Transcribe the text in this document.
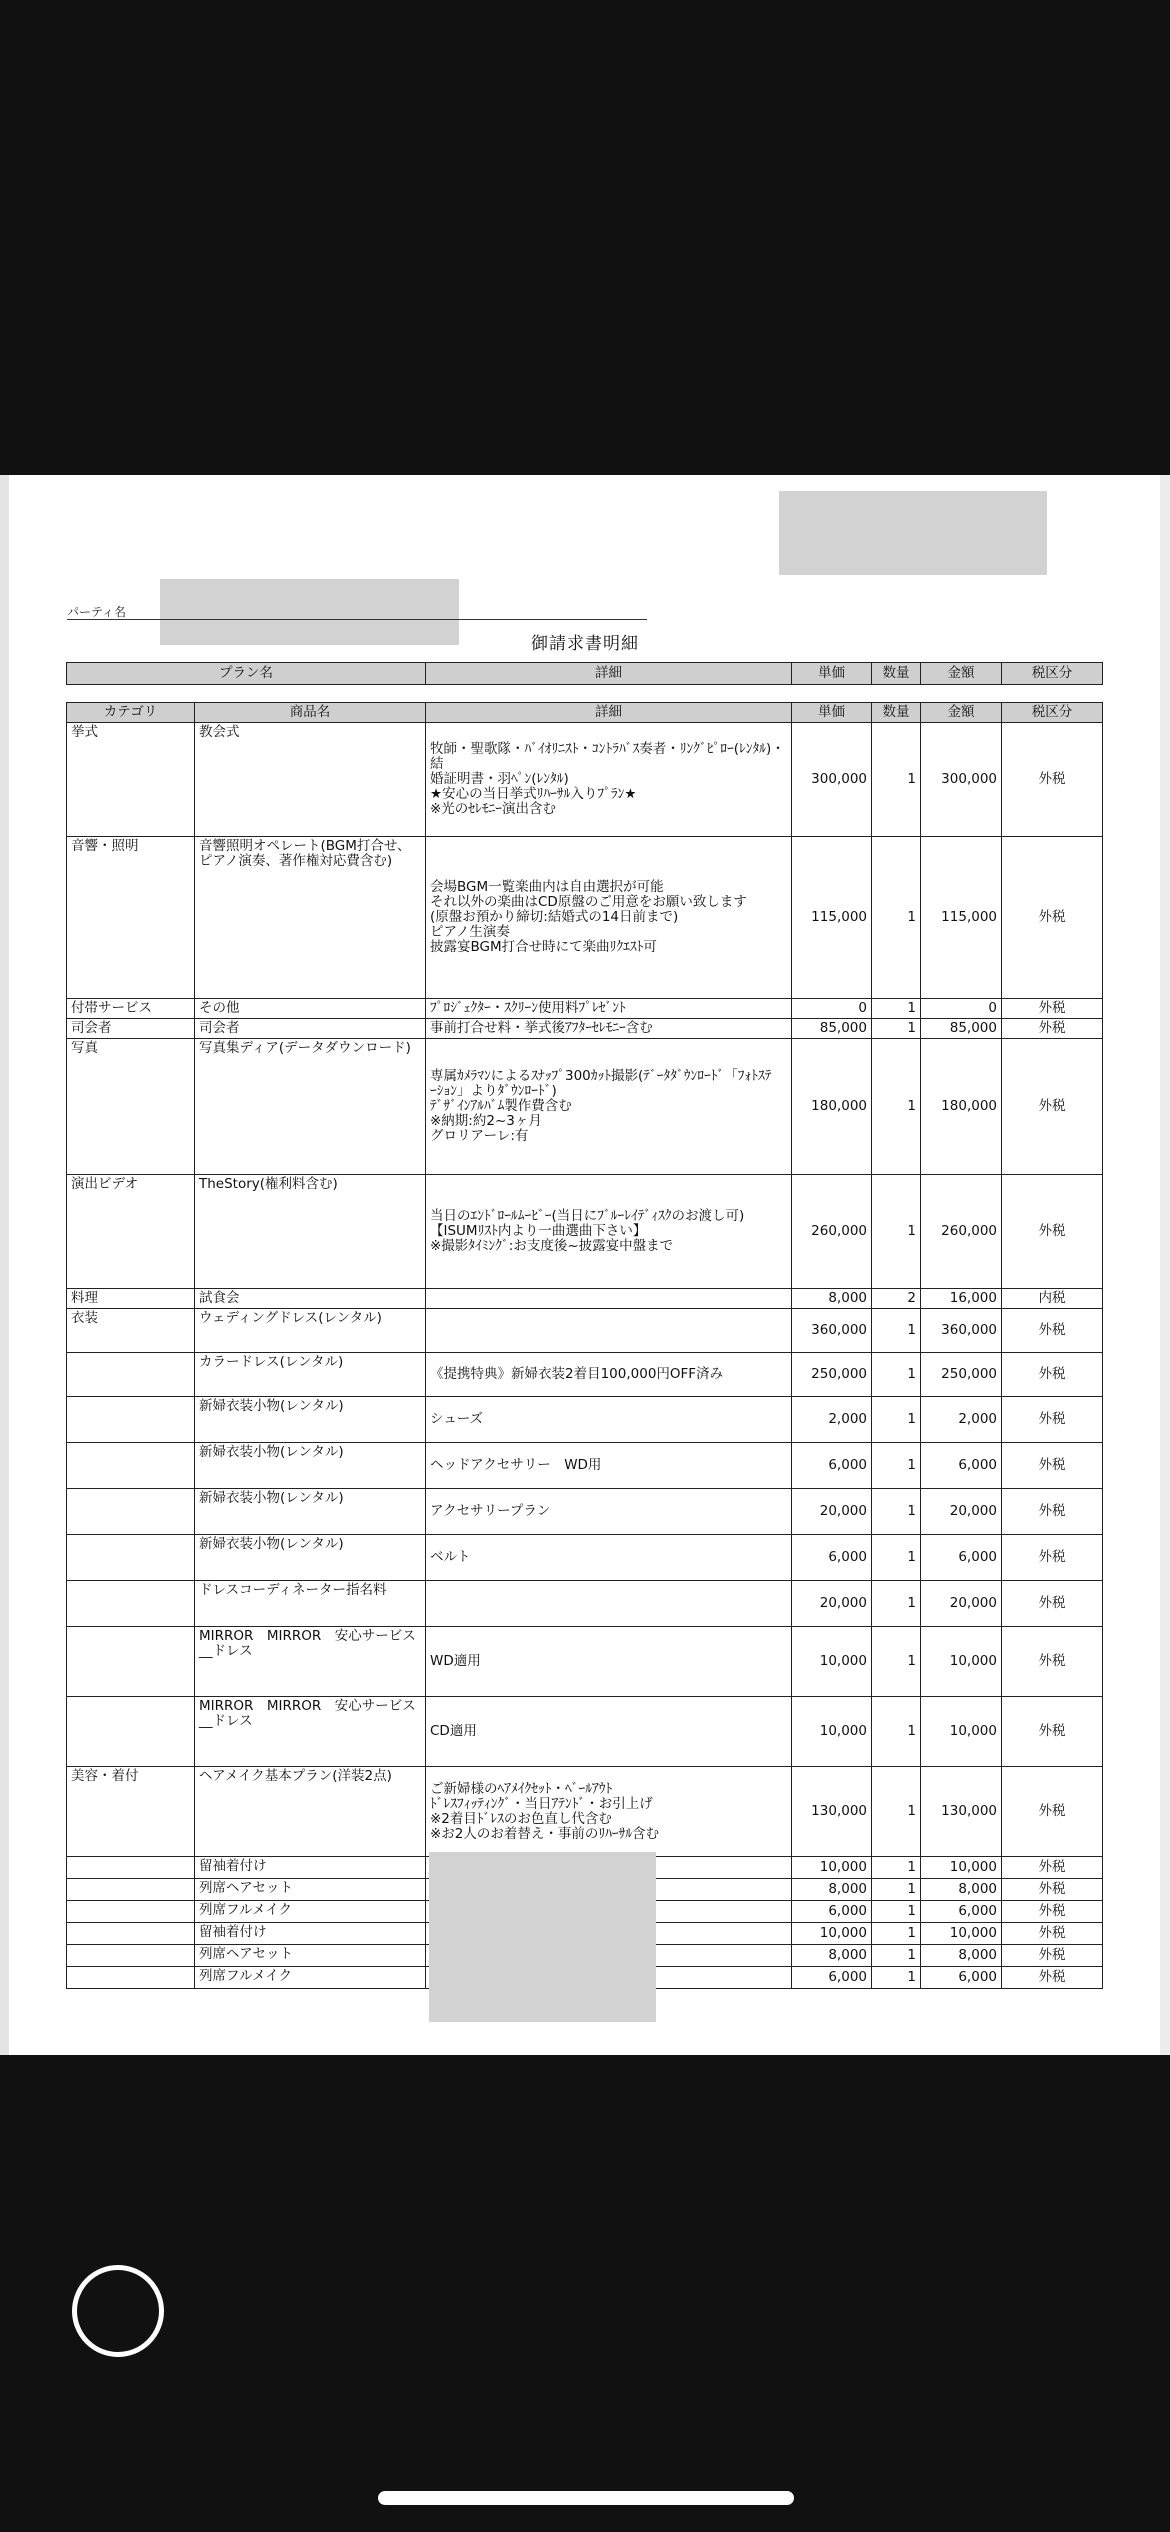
パーティ名
御請求書明細
プラン名	詳細	単価	数量	金額	税区分
カテゴリ	商品名	詳細	単価	数量	金額	税区分
挙式	教会式	牧師・聖歌隊・ﾊﾞｲｵﾘﾆｽﾄ・ｺﾝﾄﾗﾊﾞｽ奏者・ﾘﾝｸﾞﾋﾟﾛｰ(ﾚﾝﾀﾙ)・結
婚証明書・羽ﾍﾟﾝ(ﾚﾝﾀﾙ)
★安心の当日挙式ﾘﾊｰｻﾙ入りﾌﾟﾗﾝ★
※光のｾﾚﾓﾆｰ演出含む	300,000	1	300,000	外税
音響・照明	音響照明オペレート(BGM打合せ、ピアノ演奏、著作権対応費含む)	会場BGM一覧楽曲内は自由選択が可能
それ以外の楽曲はCD原盤のご用意をお願い致します
(原盤お預かり締切:結婚式の14日前まで)
ピアノ生演奏
披露宴BGM打合せ時にて楽曲ﾘｸｴｽﾄ可	115,000	1	115,000	外税
付帯サービス	その他	ﾌﾟﾛｼﾞｪｸﾀｰ・ｽｸﾘｰﾝ使用料ﾌﾟﾚｾﾞﾝﾄ	0	1	0	外税
司会者	司会者	事前打合せ料・挙式後ｱﾌﾀｰｾﾚﾓﾆｰ含む	85,000	1	85,000	外税
写真	写真集ディア(データダウンロード)	専属ｶﾒﾗﾏﾝによるｽﾅｯﾌﾟ300ｶｯﾄ撮影(ﾃﾞｰﾀﾀﾞｳﾝﾛｰﾄﾞ「ﾌｫﾄｽﾃ
ｰｼｮﾝ」よりﾀﾞｳﾝﾛｰﾄﾞ)
ﾃﾞｻﾞｲﾝｱﾙﾊﾞﾑ製作費含む
※納期:約2~3ヶ月
グロリアーレ:有	180,000	1	180,000	外税
演出ビデオ	TheStory(権利料含む)	当日のｴﾝﾄﾞﾛｰﾙﾑｰﾋﾞｰ(当日にﾌﾞﾙｰﾚｲﾃﾞｨｽｸのお渡し可)
【ISUMﾘｽﾄ内より一曲選曲下さい】
※撮影ﾀｲﾐﾝｸﾞ:お支度後~披露宴中盤まで	260,000	1	260,000	外税
料理	試食会		8,000	2	16,000	内税
衣装	ウェディングドレス(レンタル)		360,000	1	360,000	外税
	カラードレス(レンタル)	《提携特典》新婦衣装2着目100,000円OFF済み	250,000	1	250,000	外税
	新婦衣装小物(レンタル)	シューズ	2,000	1	2,000	外税
	新婦衣装小物(レンタル)	ヘッドアクセサリー　WD用	6,000	1	6,000	外税
	新婦衣装小物(レンタル)	アクセサリープラン	20,000	1	20,000	外税
	新婦衣装小物(レンタル)	ベルト	6,000	1	6,000	外税
	ドレスコーディネーター指名料		20,000	1	20,000	外税
	MIRROR　MIRROR　安心サービス__ドレス	WD適用	10,000	1	10,000	外税
	MIRROR　MIRROR　安心サービス__ドレス	CD適用	10,000	1	10,000	外税
美容・着付	ヘアメイク基本プラン(洋装2点)	ご新婦様のﾍｱﾒｲｸｾｯﾄ・ﾍﾞｰﾙｱｳﾄ
ﾄﾞﾚｽﾌｨｯﾃｨﾝｸﾞ・当日ｱﾃﾝﾄﾞ・お引上げ
※2着目ﾄﾞﾚｽのお色直し代含む
※お2人のお着替え・事前のﾘﾊｰｻﾙ含む	130,000	1	130,000	外税
	留袖着付け		10,000	1	10,000	外税
	列席ヘアセット		8,000	1	8,000	外税
	列席フルメイク		6,000	1	6,000	外税
	留袖着付け		10,000	1	10,000	外税
	列席ヘアセット		8,000	1	8,000	外税
	列席フルメイク		6,000	1	6,000	外税
